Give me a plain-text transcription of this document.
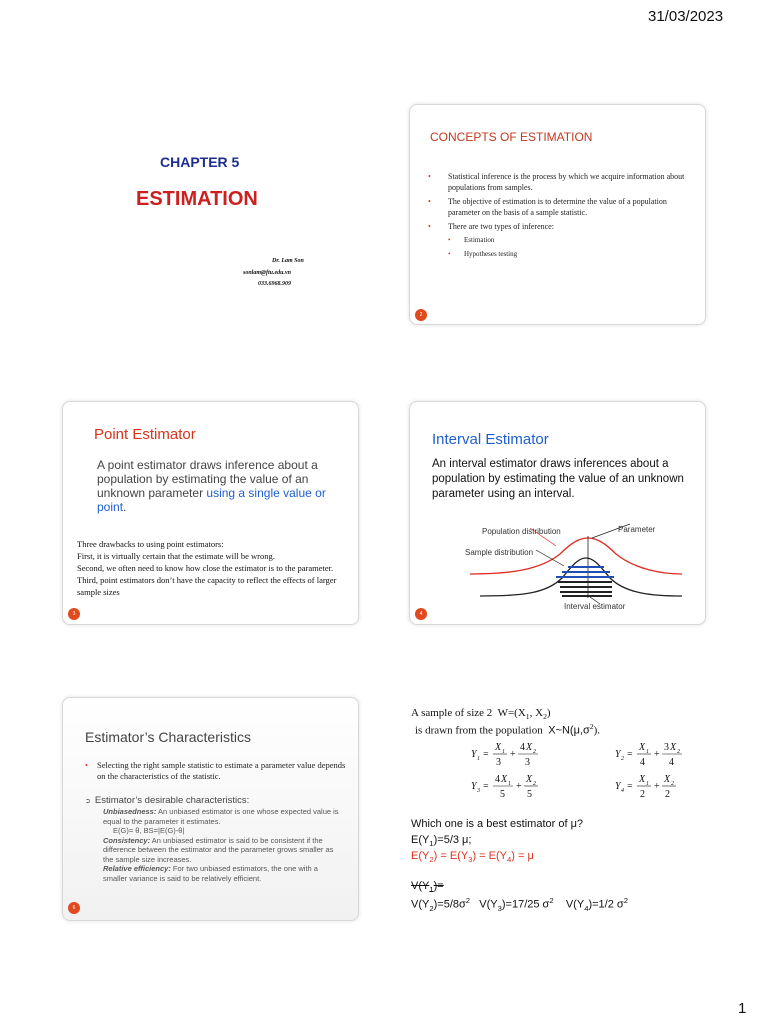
31/03/2023
1
CHAPTER 5
ESTIMATION
Dr. Lam Son
sonlam@ftu.edu.vn
033.6968.909
CONCEPTS OF ESTIMATION
• Statistical inference is the process by which we acquire information about populations from samples.
• The objective of estimation is to determine the value of a population parameter on the basis of a sample statistic.
• There are two types of inference:
• Estimation
• Hypotheses testing
2
Point Estimator
A point estimator draws inference about a population by estimating the value of an unknown parameter using a single value or point.
Three drawbacks to using point estimators:
First, it is virtually certain that the estimate will be wrong.
Second, we often need to know how close the estimator is to the parameter.
Third, point estimators don’t have the capacity to reflect the effects of larger sample sizes
3
Interval Estimator
An interval estimator draws inferences about a population by estimating the value of an unknown parameter using an interval.
Population distribution
Sample distribution
Parameter
Interval estimator
4
Estimator’s Characteristics
• Selecting the right sample statistic to estimate a parameter value depends on the characteristics of the statistic.
➲ Estimator’s desirable characteristics:
Unbiasedness: An unbiased estimator is one whose expected value is equal to the parameter it estimates.
E(G)= θ, BS=|E(G)-θ|
Consistency: An unbiased estimator is said to be consistent if the difference between the estimator and the parameter grows smaller as the sample size increases.
Relative efficiency: For two unbiased estimators, the one with a smaller variance is said to be relatively efficient.
6
A sample of size 2 $W=(X_1$, $X_2$)
is drawn from the population $X\sim N(\mu,\sigma^2)$.
Y 1 =
X 1
3
+
4 X 2
3
Y 2 =
X 1
4
+
3 X 2
4
Y 3 =
4 X 1
5
+
X 2
5
Y 4 =
X 1
2
+
X 2
2
Which one is a best estimator of μ?
$E(Y_1)=5/3$ μ;
$E(Y_2) = E(Y_3) = E(Y_4) = \mu$
$V(Y_1)=$
$V(Y_2)=5/8\sigma^2$   $V(Y_3)=17/25$ $\sigma^2$    $V(Y_4)=1/2$ $\sigma^2$
